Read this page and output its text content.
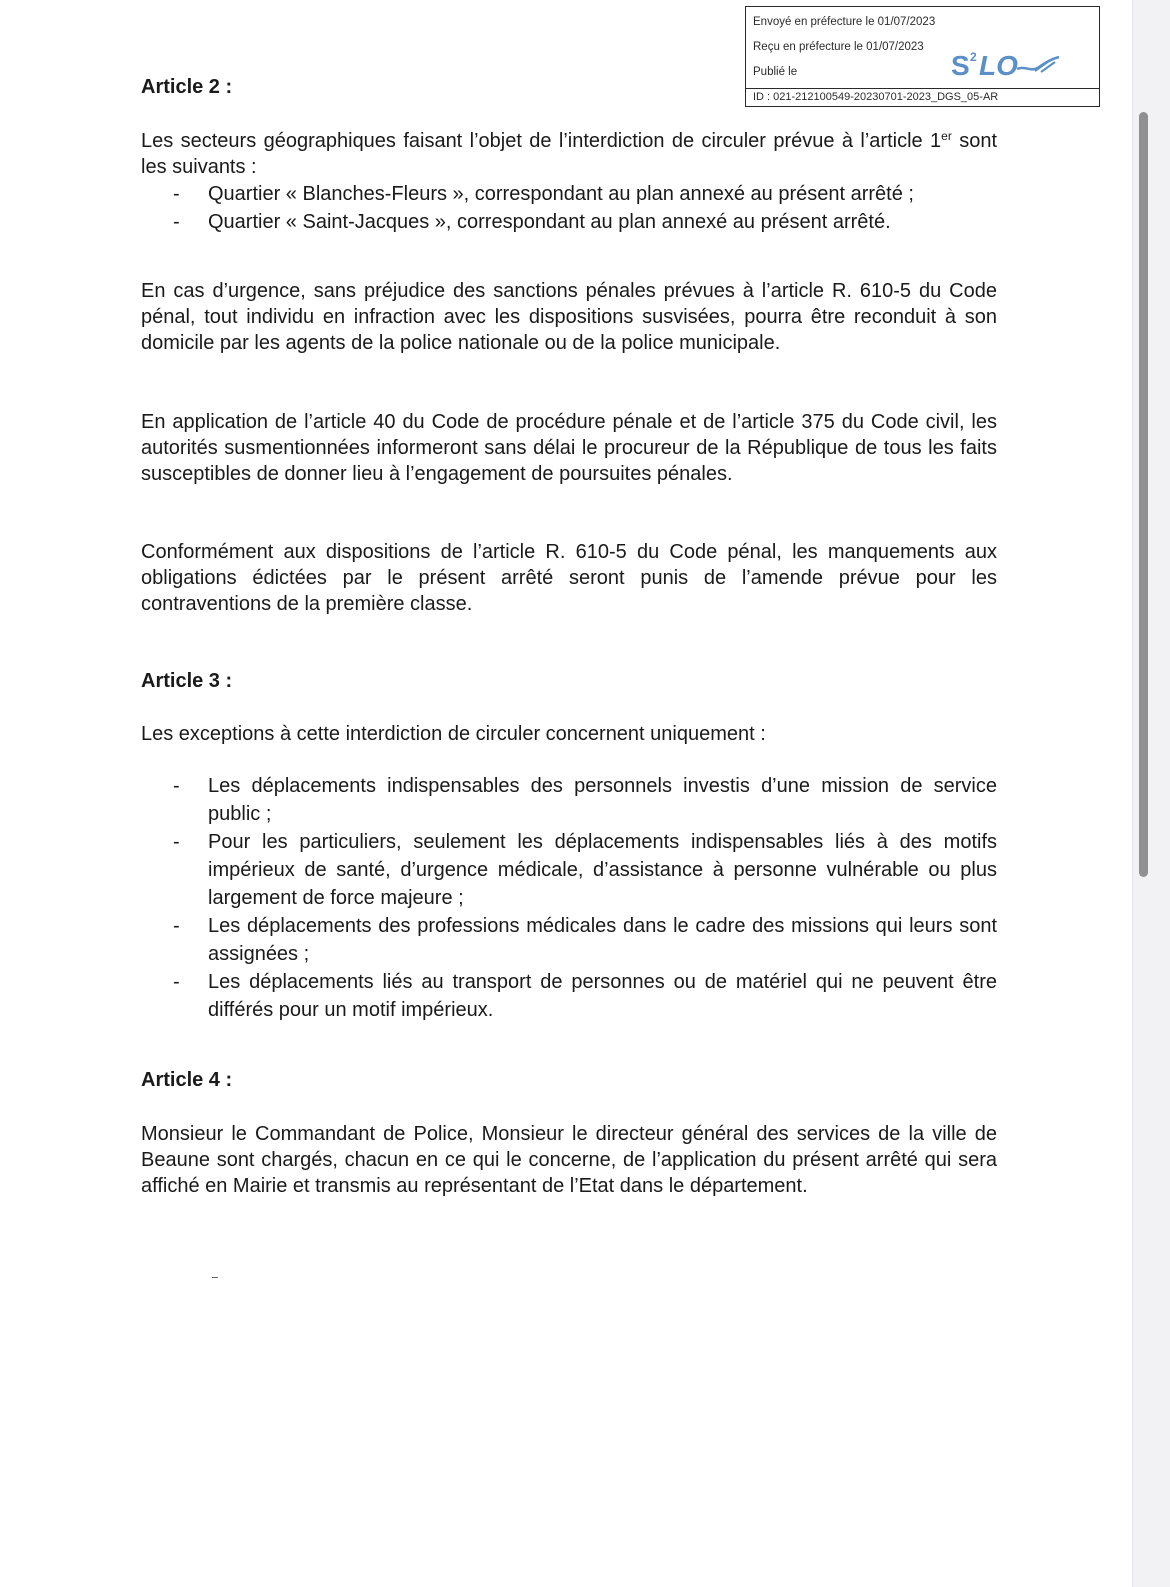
Envoyé en préfecture le 01/07/2023
Reçu en préfecture le 01/07/2023
Publié le
ID : 021-212100549-20230701-2023_DGS_05-AR
S 2 LO
Article 2 :

Les secteurs géographiques faisant l’objet de l’interdiction de circuler prévue à l’article 1er sont les suivants :

- Quartier « Blanches-Fleurs », correspondant au plan annexé au présent arrêté ;
- Quartier « Saint-Jacques », correspondant au plan annexé au présent arrêté.

En cas d’urgence, sans préjudice des sanctions pénales prévues à l’article R. 610-5 du Code pénal, tout individu en infraction avec les dispositions susvisées, pourra être reconduit à son domicile par les agents de la police nationale ou de la police municipale.

En application de l’article 40 du Code de procédure pénale et de l’article 375 du Code civil, les autorités susmentionnées informeront sans délai le procureur de la République de tous les faits susceptibles de donner lieu à l’engagement de poursuites pénales.

Conformément aux dispositions de l’article R. 610-5 du Code pénal, les manquements aux obligations édictées par le présent arrêté seront punis de l’amende prévue pour les contraventions de la première classe.

Article 3 :

Les exceptions à cette interdiction de circuler concernent uniquement :

- Les déplacements indispensables des personnels investis d’une mission de service public ;
- Pour les particuliers, seulement les déplacements indispensables liés à des motifs impérieux de santé, d’urgence médicale, d’assistance à personne vulnérable ou plus largement de force majeure ;
- Les déplacements des professions médicales dans le cadre des missions qui leurs sont assignées ;
- Les déplacements liés au transport de personnes ou de matériel qui ne peuvent être différés pour un motif impérieux.
Article 4 :

Monsieur le Commandant de Police, Monsieur le directeur général des services de la ville de Beaune sont chargés, chacun en ce qui le concerne, de l’application du présent arrêté qui sera affiché en Mairie et transmis au représentant de l’Etat dans le département.
